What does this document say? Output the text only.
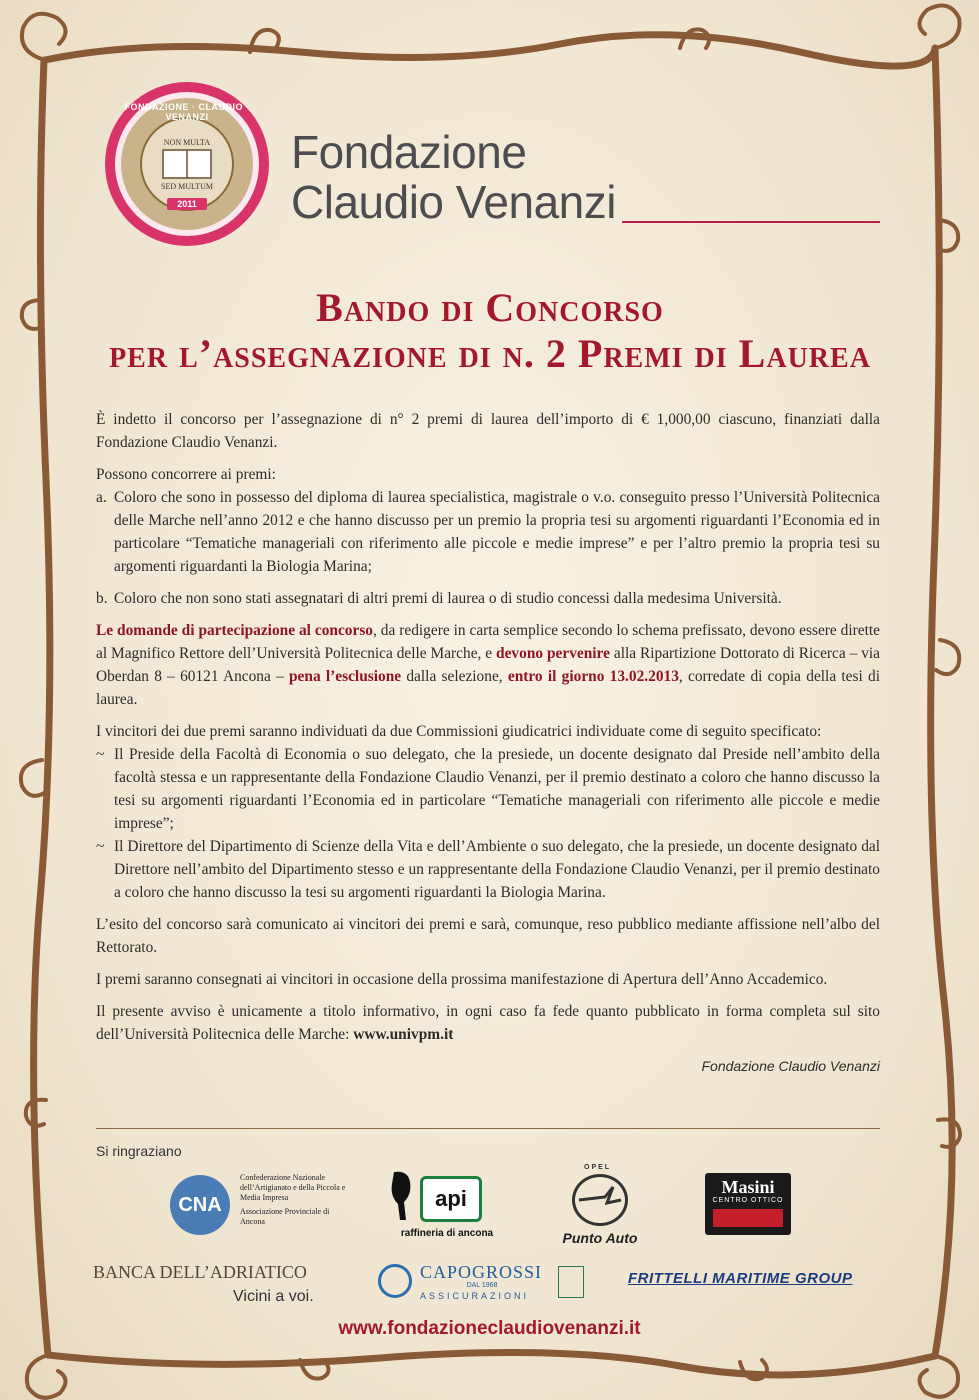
FONDAZIONE · CLAUDIO · VENANZI
NON MULTA
SED MULTUM
2011
Fondazione
Claudio Venanzi
Bando di Concorso
per l’assegnazione di n. 2 Premi di Laurea

È indetto il concorso per l’assegnazione di n° 2 premi di laurea dell’importo di € 1,000,00 ciascuno, finanziati dalla Fondazione Claudio Venanzi.

Possono concorrere ai premi:

a. Coloro che sono in possesso del diploma di laurea specialistica, magistrale o v.o. conseguito presso l’Università Politecnica delle Marche nell’anno 2012 e che hanno discusso per un premio la propria tesi su argomenti riguardanti l’Economia ed in particolare “Tematiche manageriali con riferimento alle piccole e medie imprese” e per l’altro premio la propria tesi su argomenti riguardanti la Biologia Marina;

b. Coloro che non sono stati assegnatari di altri premi di laurea o di studio concessi dalla medesima Università.

Le domande di partecipazione al concorso, da redigere in carta semplice secondo lo schema prefissato, devono essere dirette al Magnifico Rettore dell’Università Politecnica delle Marche, e devono pervenire alla Ripartizione Dottorato di Ricerca – via Oberdan 8 – 60121 Ancona – pena l’esclusione dalla selezione, entro il giorno 13.02.2013, corredate di copia della tesi di laurea.

I vincitori dei due premi saranno individuati da due Commissioni giudicatrici individuate come di seguito specificato:

~ Il Preside della Facoltà di Economia o suo delegato, che la presiede, un docente designato dal Preside nell’ambito della facoltà stessa e un rappresentante della Fondazione Claudio Venanzi, per il premio destinato a coloro che hanno discusso la tesi su argomenti riguardanti l’Economia ed in particolare “Tematiche manageriali con riferimento alle piccole e medie imprese”;

~ Il Direttore del Dipartimento di Scienze della Vita e dell’Ambiente o suo delegato, che la presiede, un docente designato dal Direttore nell’ambito del Dipartimento stesso e un rappresentante della Fondazione Claudio Venanzi, per il premio destinato a coloro che hanno discusso la tesi su argomenti riguardanti la Biologia Marina.

L’esito del concorso sarà comunicato ai vincitori dei premi e sarà, comunque, reso pubblico mediante affissione nell’albo del Rettorato.

I premi saranno consegnati ai vincitori in occasione della prossima manifestazione di Apertura dell’Anno Accademico.

Il presente avviso è unicamente a titolo informativo, in ogni caso fa fede quanto pubblicato in forma completa sul sito dell’Università Politecnica delle Marche: www.univpm.it

Fondazione Claudio Venanzi
Si ringraziano
CNA
Confederazione Nazionale dell’Artigianato e della Piccola e Media Impresa
Associazione Provinciale di Ancona
api
raffineria di ancona
OPEL
Punto Auto
Masini
CENTRO OTTICO
BANCA DELL’ADRIATICO
Vicini a voi.
CAPOGROSSI
DAL 1968
ASSICURAZIONI
FRITTELLI MARITIME GROUP
www.fondazioneclaudiovenanzi.it
